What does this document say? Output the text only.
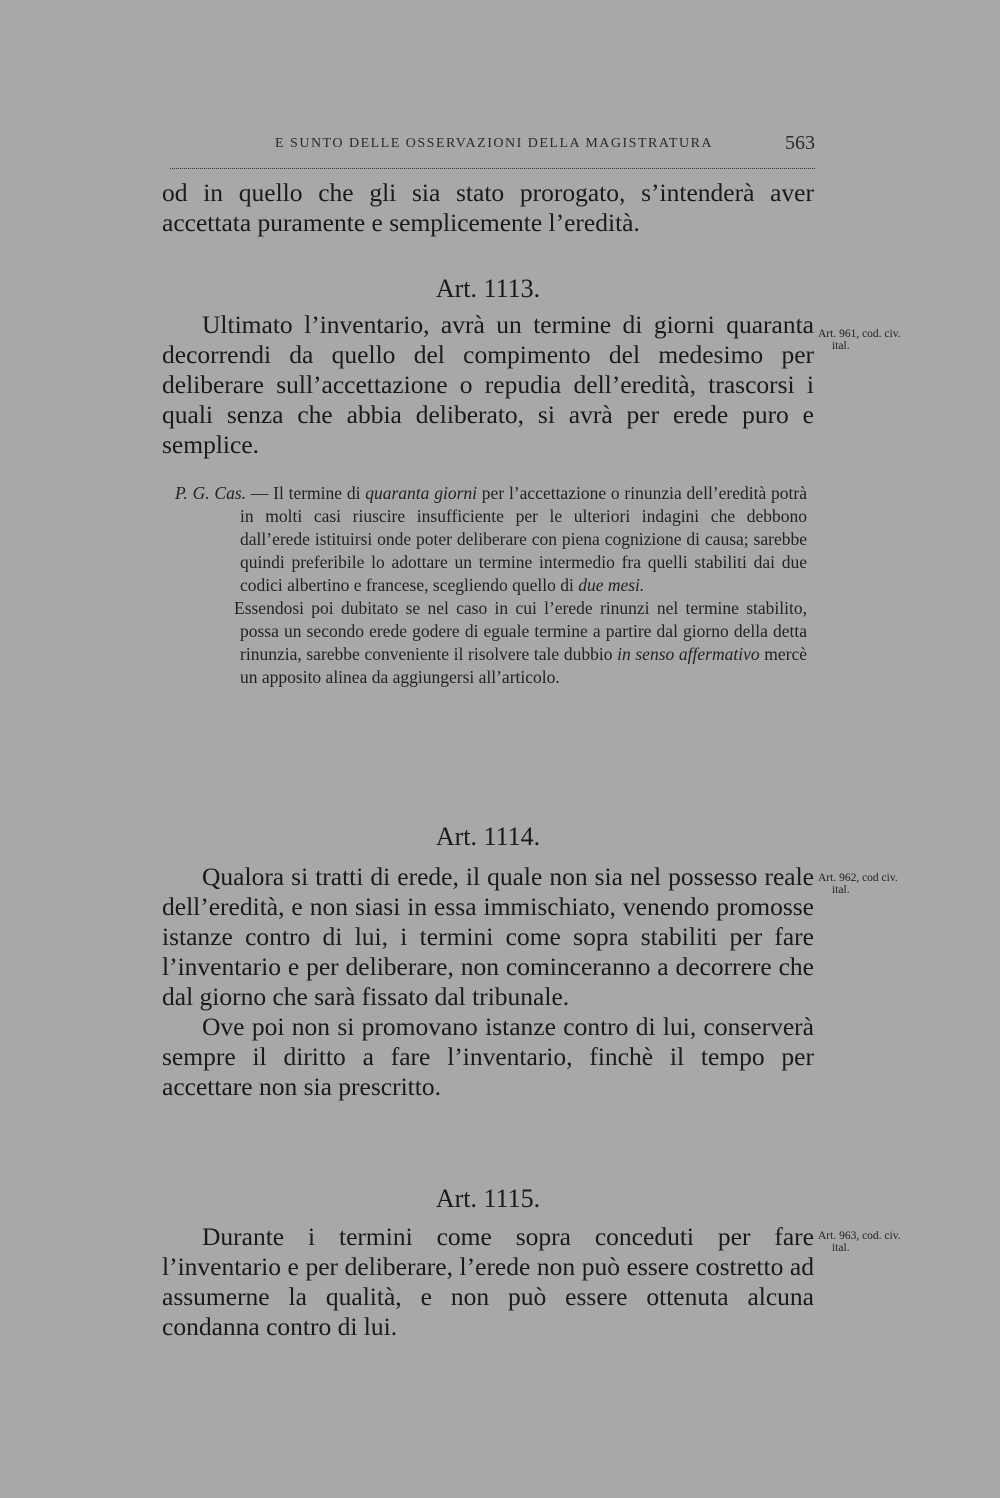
E SUNTO DELLE OSSERVAZIONI DELLA MAGISTRATURA	563

od in quello che gli sia stato prorogato, s’intenderà aver accettata puramente e semplicemente l’eredità.

Art. 1113.

Ultimato l’inventario, avrà un termine di giorni quaranta decorrendi da quello del compimento del medesimo per deliberare sull’accettazione o repudia dell’eredità, trascorsi i quali senza che abbia deliberato, si avrà per erede puro e semplice.

Art. 961, cod. civ.
ital.

P. G. Cas. — Il termine di quaranta giorni per l’accettazione o rinunzia dell’eredità potrà in molti casi riuscire insufficiente per le ulteriori indagini che debbono dall’erede istituirsi onde poter deliberare con piena cognizione di causa; sarebbe quindi preferibile lo adottare un termine intermedio fra quelli stabiliti dai due codici albertino e francese, scegliendo quello di due mesi.

Essendosi poi dubitato se nel caso in cui l’erede rinunzi nel termine stabilito, possa un secondo erede godere di eguale termine a partire dal giorno della detta rinunzia, sarebbe conveniente il risolvere tale dubbio in senso affermativo mercè un apposito alinea da aggiungersi all’articolo.

Art. 1114.

Qualora si tratti di erede, il quale non sia nel possesso reale dell’eredità, e non siasi in essa immischiato, venendo promosse istanze contro di lui, i termini come sopra stabiliti per fare l’inventario e per deliberare, non cominceranno a decorrere che dal giorno che sarà fissato dal tribunale.

Ove poi non si promovano istanze contro di lui, conserverà sempre il diritto a fare l’inventario, finchè il tempo per accettare non sia prescritto.

Art. 962, cod civ.
ital.
Art. 1115.

Durante i termini come sopra conceduti per fare l’inventario e per deliberare, l’erede non può essere costretto ad assumerne la qualità, e non può essere ottenuta alcuna condanna contro di lui.

Art. 963, cod. civ.
ital.
